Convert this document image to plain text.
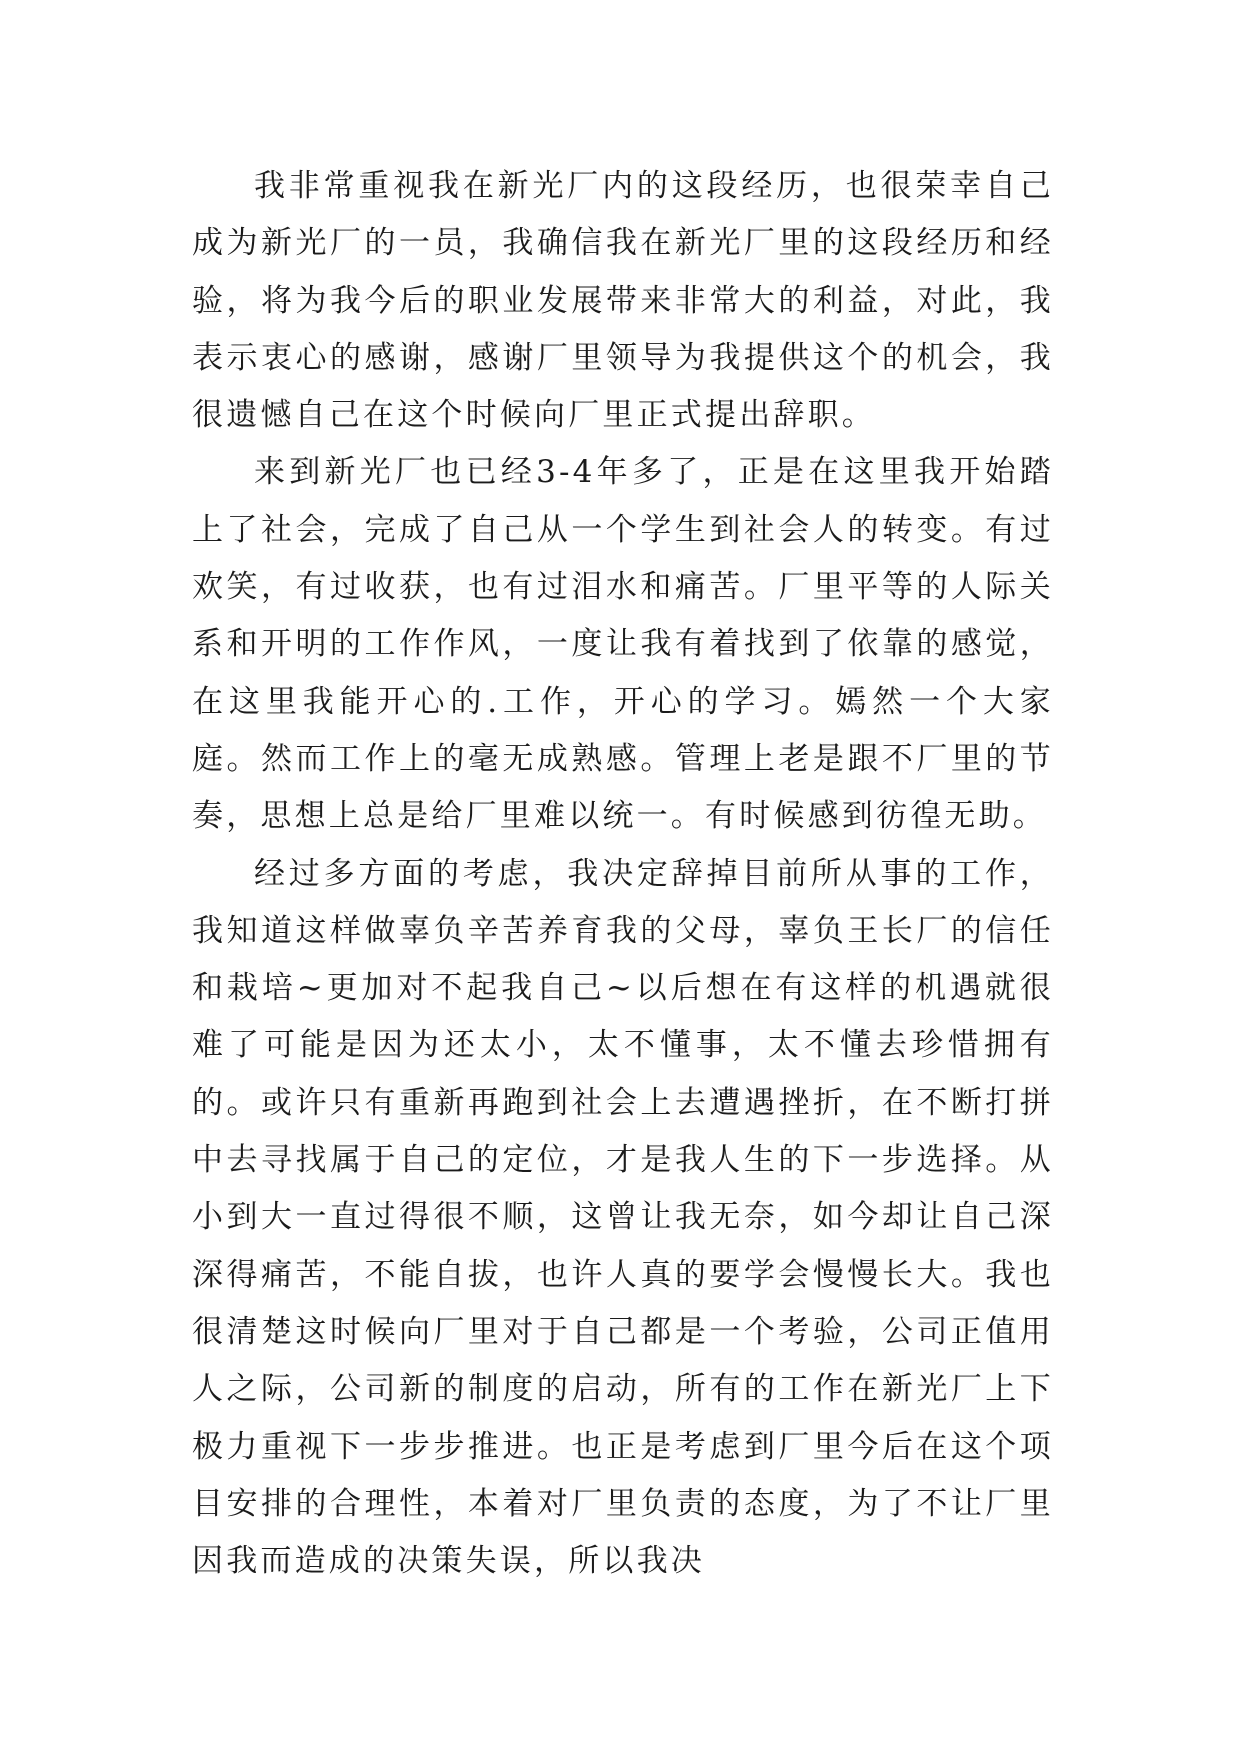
我非常重视我在新光厂内的这段经历，也很荣幸自己成为新光厂的一员，我确信我在新光厂里的这段经历和经验，将为我今后的职业发展带来非常大的利益，对此，我表示衷心的感谢，感谢厂里领导为我提供这个的机会，我很遗憾自己在这个时候向厂里正式提出辞职。

来到新光厂也已经3-4年多了，正是在这里我开始踏上了社会，完成了自己从一个学生到社会人的转变。有过欢笑，有过收获，也有过泪水和痛苦。厂里平等的人际关系和开明的工作作风，一度让我有着找到了依靠的感觉，在这里我能开心的.工作，开心的学习。嫣然一个大家庭。然而工作上的毫无成熟感。管理上老是跟不厂里的节奏，思想上总是给厂里难以统一。有时候感到彷徨无助。

经过多方面的考虑，我决定辞掉目前所从事的工作，我知道这样做辜负辛苦养育我的父母，辜负王长厂的信任和栽培~更加对不起我自己~以后想在有这样的机遇就很难了可能是因为还太小，太不懂事，太不懂去珍惜拥有的。或许只有重新再跑到社会上去遭遇挫折，在不断打拼中去寻找属于自己的定位，才是我人生的下一步选择。从小到大一直过得很不顺，这曾让我无奈，如今却让自己深深得痛苦，不能自拔，也许人真的要学会慢慢长大。我也很清楚这时候向厂里对于自己都是一个考验，公司正值用人之际，公司新的制度的启动，所有的工作在新光厂上下极力重视下一步步推进。也正是考虑到厂里今后在这个项目安排的合理性，本着对厂里负责的态度，为了不让厂里因我而造成的决策失误，所以我决
